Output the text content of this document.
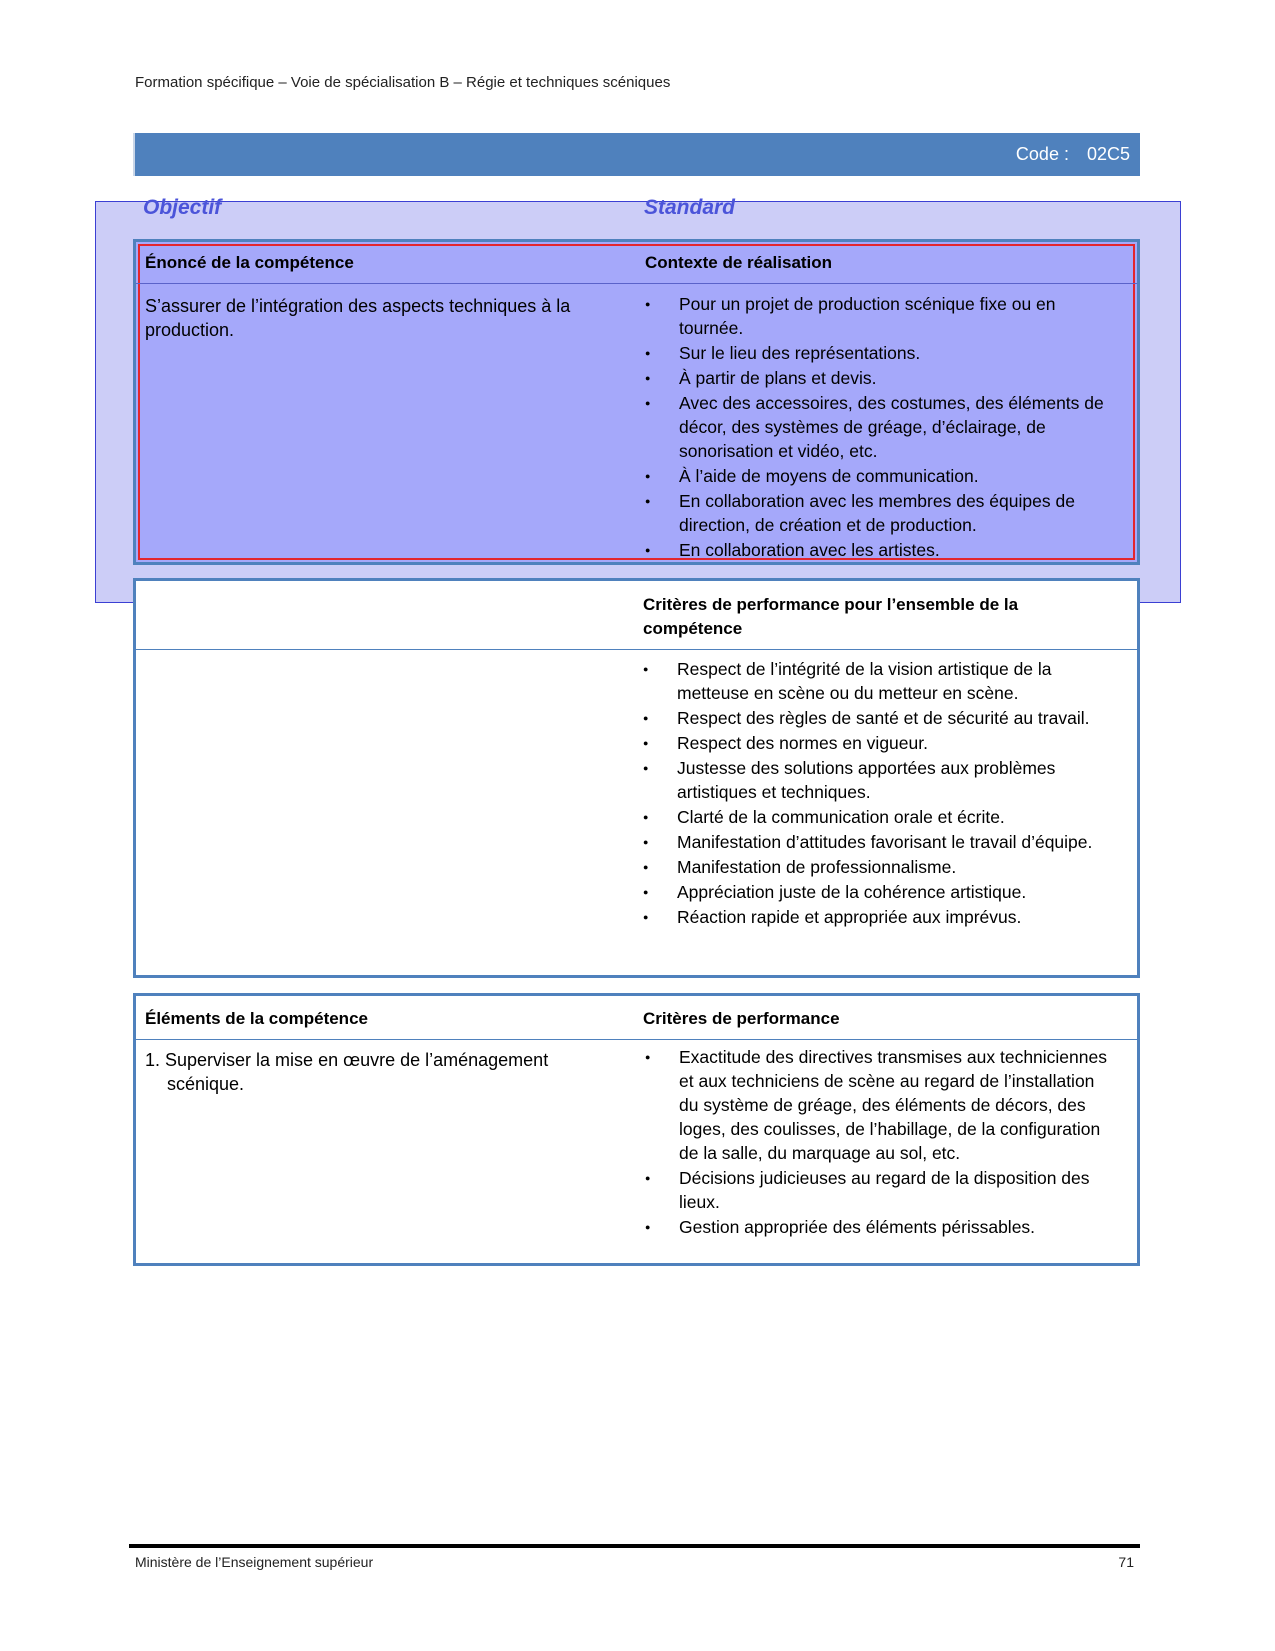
Formation spécifique – Voie de spécialisation B – Régie et techniques scéniques
Code : 02C5
Objectif	Standard
Énoncé de la compétence	Contexte de réalisation
S’assurer de l’intégration des aspects techniques à la production.
● Pour un projet de production scénique fixe ou en tournée.
● Sur le lieu des représentations.
● À partir de plans et devis.
● Avec des accessoires, des costumes, des éléments de décor, des systèmes de gréage, d’éclairage, de sonorisation et vidéo, etc.
● À l’aide de moyens de communication.
● En collaboration avec les membres des équipes de direction, de création et de production.
● En collaboration avec les artistes.
Critères de performance pour l’ensemble de la compétence
● Respect de l’intégrité de la vision artistique de la metteuse en scène ou du metteur en scène.
● Respect des règles de santé et de sécurité au travail.
● Respect des normes en vigueur.
● Justesse des solutions apportées aux problèmes artistiques et techniques.
● Clarté de la communication orale et écrite.
● Manifestation d’attitudes favorisant le travail d’équipe.
● Manifestation de professionnalisme.
● Appréciation juste de la cohérence artistique.
● Réaction rapide et appropriée aux imprévus.
Éléments de la compétence	Critères de performance
1. Superviser la mise en œuvre de l’aménagement scénique.
● Exactitude des directives transmises aux techniciennes et aux techniciens de scène au regard de l’installation du système de gréage, des éléments de décors, des loges, des coulisses, de l’habillage, de la configuration de la salle, du marquage au sol, etc.
● Décisions judicieuses au regard de la disposition des lieux.
● Gestion appropriée des éléments périssables.
Ministère de l’Enseignement supérieur	71
